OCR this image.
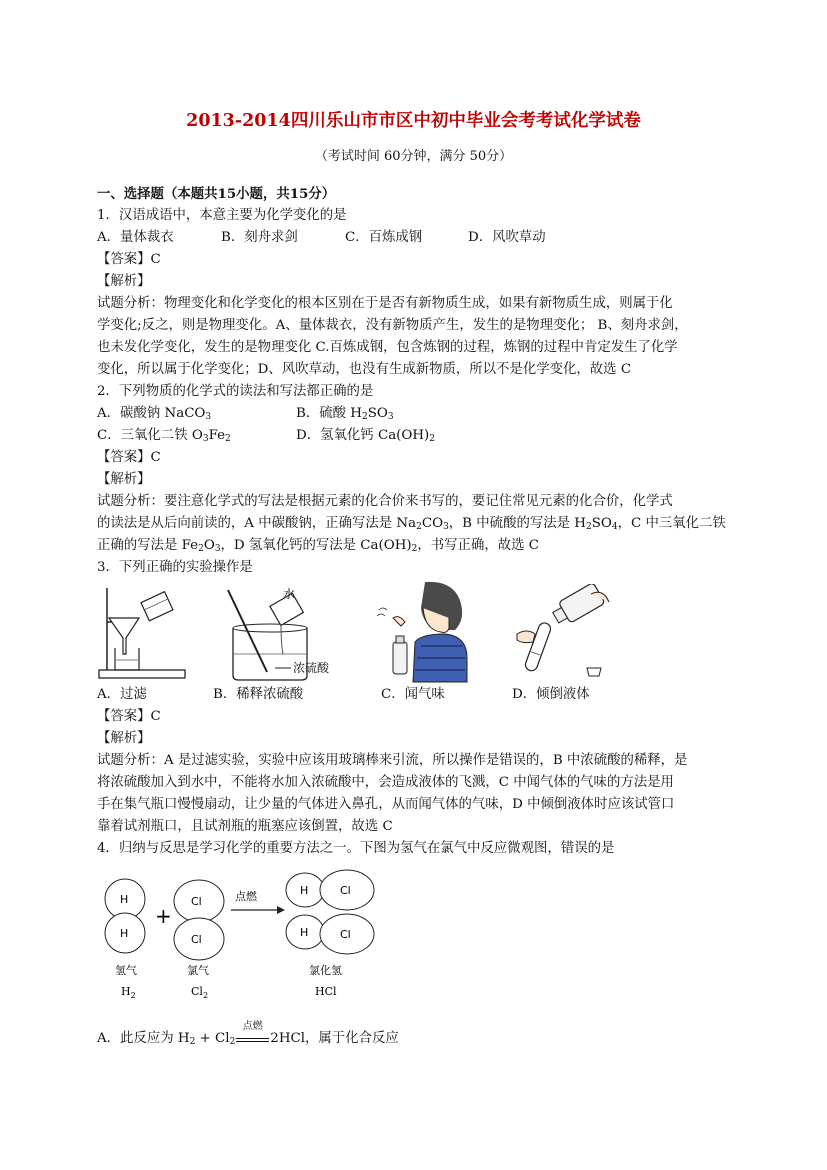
2013-2014四川乐山市市区中初中毕业会考考试化学试卷
（考试时间 60分钟，满分 50分）
一、选择题（本题共15小题，共15分）
1．汉语成语中，本意主要为化学变化的是
A．量体裁衣	B．刻舟求剑	C．百炼成钢	D．风吹草动
【答案】C
【解析】
试题分析：物理变化和化学变化的根本区别在于是否有新物质生成，如果有新物质生成，则属于化
学变化;反之，则是物理变化。A、量体裁衣，没有新物质产生，发生的是物理变化； B、刻舟求剑，
也未发化学变化，发生的是物理变化 C.百炼成钢，包含炼钢的过程，炼钢的过程中肯定发生了化学
变化，所以属于化学变化；D、风吹草动，也没有生成新物质，所以不是化学变化，故选 C
2．下列物质的化学式的读法和写法都正确的是
A．碳酸钠 NaCO$_3$	B．硫酸 $H_2SO_3$
C．三氧化二铁 $O_3Fe_2$	D．氢氧化钙 $Ca(OH)_2$
【答案】C
【解析】
试题分析：要注意化学式的写法是根据元素的化合价来书写的，要记住常见元素的化合价，化学式
的读法是从后向前读的，A 中碳酸钠，正确写法是 $Na_2CO_3$，B 中硫酸的写法是 $H_2SO_4$，C 中三氧化二铁
正确的写法是 $Fe_2O_3$，D 氢氧化钙的写法是 $Ca(OH)_2$，书写正确，故选 C
3．下列正确的实验操作是
水
浓硫酸
A．过滤	B．稀释浓硫酸	C．闻气味	D．倾倒液体
【答案】C
【解析】
试题分析：A 是过滤实验，实验中应该用玻璃棒来引流，所以操作是错误的，B 中浓硫酸的稀释，是
将浓硫酸加入到水中，不能将水加入浓硫酸中，会造成液体的飞溅，C 中闻气体的气味的方法是用
手在集气瓶口慢慢扇动，让少量的气体进入鼻孔，从而闻气体的气味，D 中倾倒液体时应该试管口
靠着试剂瓶口，且试剂瓶的瓶塞应该倒置，故选 C
4．归纳与反思是学习化学的重要方法之一。下图为氢气在氯气中反应微观图，错误的是
H
H
+
Cl
Cl
点燃	H	Cl
H	Cl
氢气	氯气	氯化氢
$H_2$	$Cl_2$	HCl
A．此反应为 $H_2 + Cl_2$
点燃
2HCl，属于化合反应
